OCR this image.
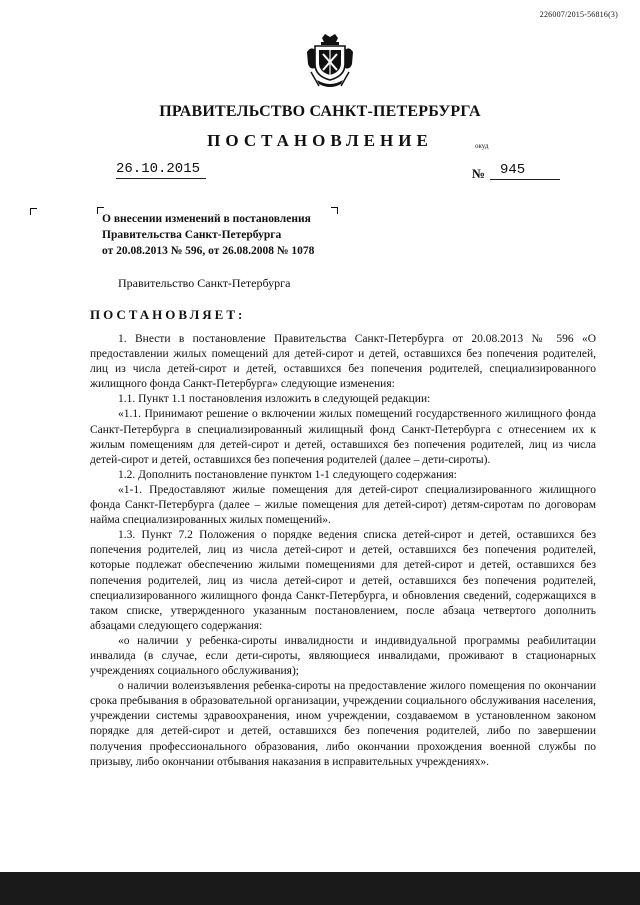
226007/2015-56816(3)
ПРАВИТЕЛЬСТВО САНКТ-ПЕТЕРБУРГА
ПОСТАНОВЛЕНИЕ	окуд
26.10.2015	№	945
О внесении изменений в постановления
Правительства Санкт-Петербурга
от 20.08.2013 № 596, от 26.08.2008 № 1078
Правительство Санкт-Петербурга
ПОСТАНОВЛЯЕТ:

1. Внести в постановление Правительства Санкт-Петербурга от 20.08.2013 № 596 «О предоставлении жилых помещений для детей-сирот и детей, оставшихся без попечения родителей, лиц из числа детей-сирот и детей, оставшихся без попечения родителей, специализированного жилищного фонда Санкт-Петербурга» следующие изменения:

1.1. Пункт 1.1 постановления изложить в следующей редакции:

«1.1. Принимают решение о включении жилых помещений государственного жилищного фонда Санкт-Петербурга в специализированный жилищный фонд Санкт-Петербурга с отнесением их к жилым помещениям для детей-сирот и детей, оставшихся без попечения родителей, лиц из числа детей-сирот и детей, оставшихся без попечения родителей (далее – дети-сироты).

1.2. Дополнить постановление пунктом 1-1 следующего содержания:

«1-1. Предоставляют жилые помещения для детей-сирот специализированного жилищного фонда Санкт-Петербурга (далее – жилые помещения для детей-сирот) детям-сиротам по договорам найма специализированных жилых помещений».

1.3. Пункт 7.2 Положения о порядке ведения списка детей-сирот и детей, оставшихся без попечения родителей, лиц из числа детей-сирот и детей, оставшихся без попечения родителей, которые подлежат обеспечению жилыми помещениями для детей-сирот и детей, оставшихся без попечения родителей, лиц из числа детей-сирот и детей, оставшихся без попечения родителей, специализированного жилищного фонда Санкт-Петербурга, и обновления сведений, содержащихся в таком списке, утвержденного указанным постановлением, после абзаца четвертого дополнить абзацами следующего содержания:

«о наличии у ребенка-сироты инвалидности и индивидуальной программы реабилитации инвалида (в случае, если дети-сироты, являющиеся инвалидами, проживают в стационарных учреждениях социального обслуживания);

о наличии волеизъявления ребенка-сироты на предоставление жилого помещения по окончании срока пребывания в образовательной организации, учреждении социального обслуживания населения, учреждении системы здравоохранения, ином учреждении, создаваемом в установленном законом порядке для детей-сирот и детей, оставшихся без попечения родителей, либо по завершении получения профессионального образования, либо окончании прохождения военной службы по призыву, либо окончании отбывания наказания в исправительных учреждениях».
